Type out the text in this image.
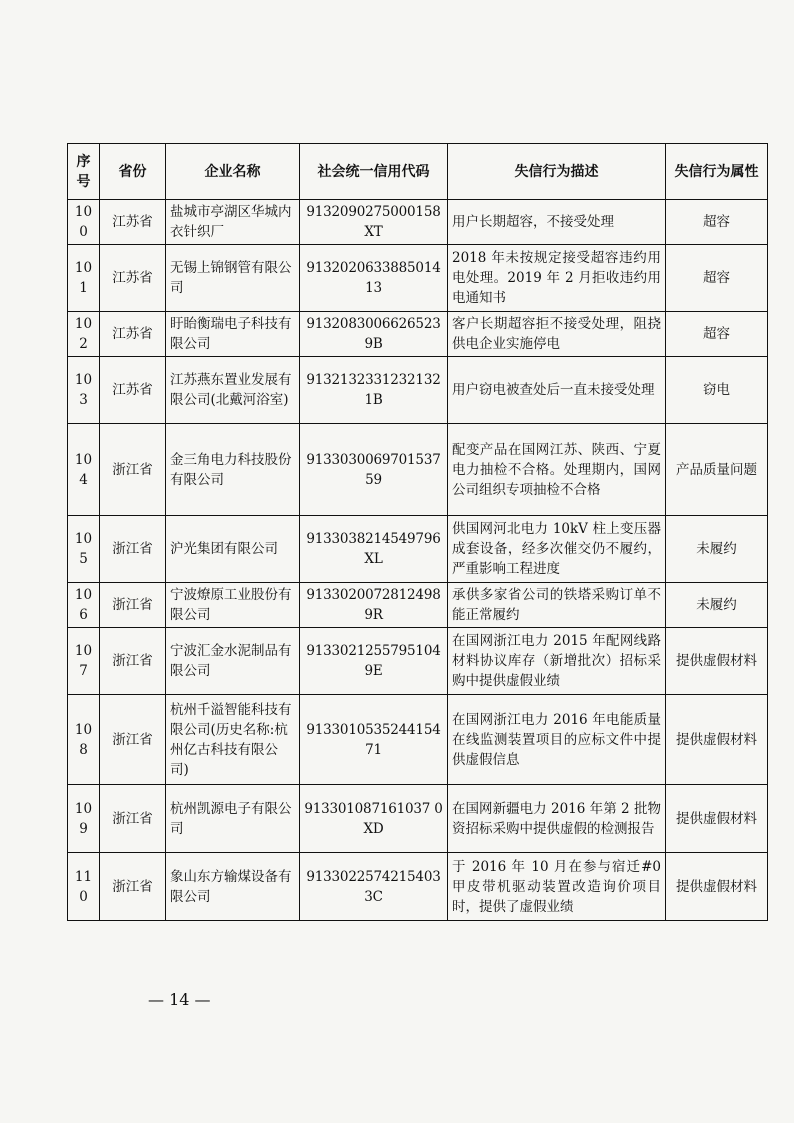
序号	省份	企业名称	社会统一信用代码	失信行为描述	失信行为属性
100	江苏省	盐城市亭湖区华城内衣针织厂	9132090275000158XT	用户长期超容，不接受处理	超容
101	江苏省	无锡上锦钢管有限公司	913202063388501413	2018 年未按规定接受超容违约用电处理。2019 年 2 月拒收违约用电通知书	超容
102	江苏省	盱眙衡瑞电子科技有限公司	9132083006626523 9B	客户长期超容拒不接受处理，阻挠供电企业实施停电	超容
103	江苏省	江苏燕东置业发展有限公司(北戴河浴室)	91321323312321321B	用户窃电被查处后一直未接受处理	窃电
104	浙江省	金三角电力科技股份有限公司	913303006970153759	配变产品在国网江苏、陕西、宁夏电力抽检不合格。处理期内，国网公司组织专项抽检不合格	产品质量问题
105	浙江省	沪光集团有限公司	9133038214549796XL	供国网河北电力 10kV 柱上变压器成套设备，经多次催交仍不履约，严重影响工程进度	未履约
106	浙江省	宁波燎原工业股份有限公司	91330200728124989R	承供多家省公司的铁塔采购订单不能正常履约	未履约
107	浙江省	宁波汇金水泥制品有限公司	91330212557951049E	在国网浙江电力 2015 年配网线路材料协议库存（新增批次）招标采购中提供虚假业绩	提供虚假材料
108	浙江省	杭州千溢智能科技有限公司(历史名称:杭州亿古科技有限公司)	913301053524415471	在国网浙江电力 2016 年电能质量在线监测装置项目的应标文件中提供虚假信息	提供虚假材料
109	浙江省	杭州凯源电子有限公司	913301087161037 0XD	在国网新疆电力 2016 年第 2 批物资招标采购中提供虚假的检测报告	提供虚假材料
110	浙江省	象山东方输煤设备有限公司	91330225742154033C	于 2016 年 10 月在参与宿迁#0 甲皮带机驱动装置改造询价项目时，提供了虚假业绩	提供虚假材料
— 14 —
